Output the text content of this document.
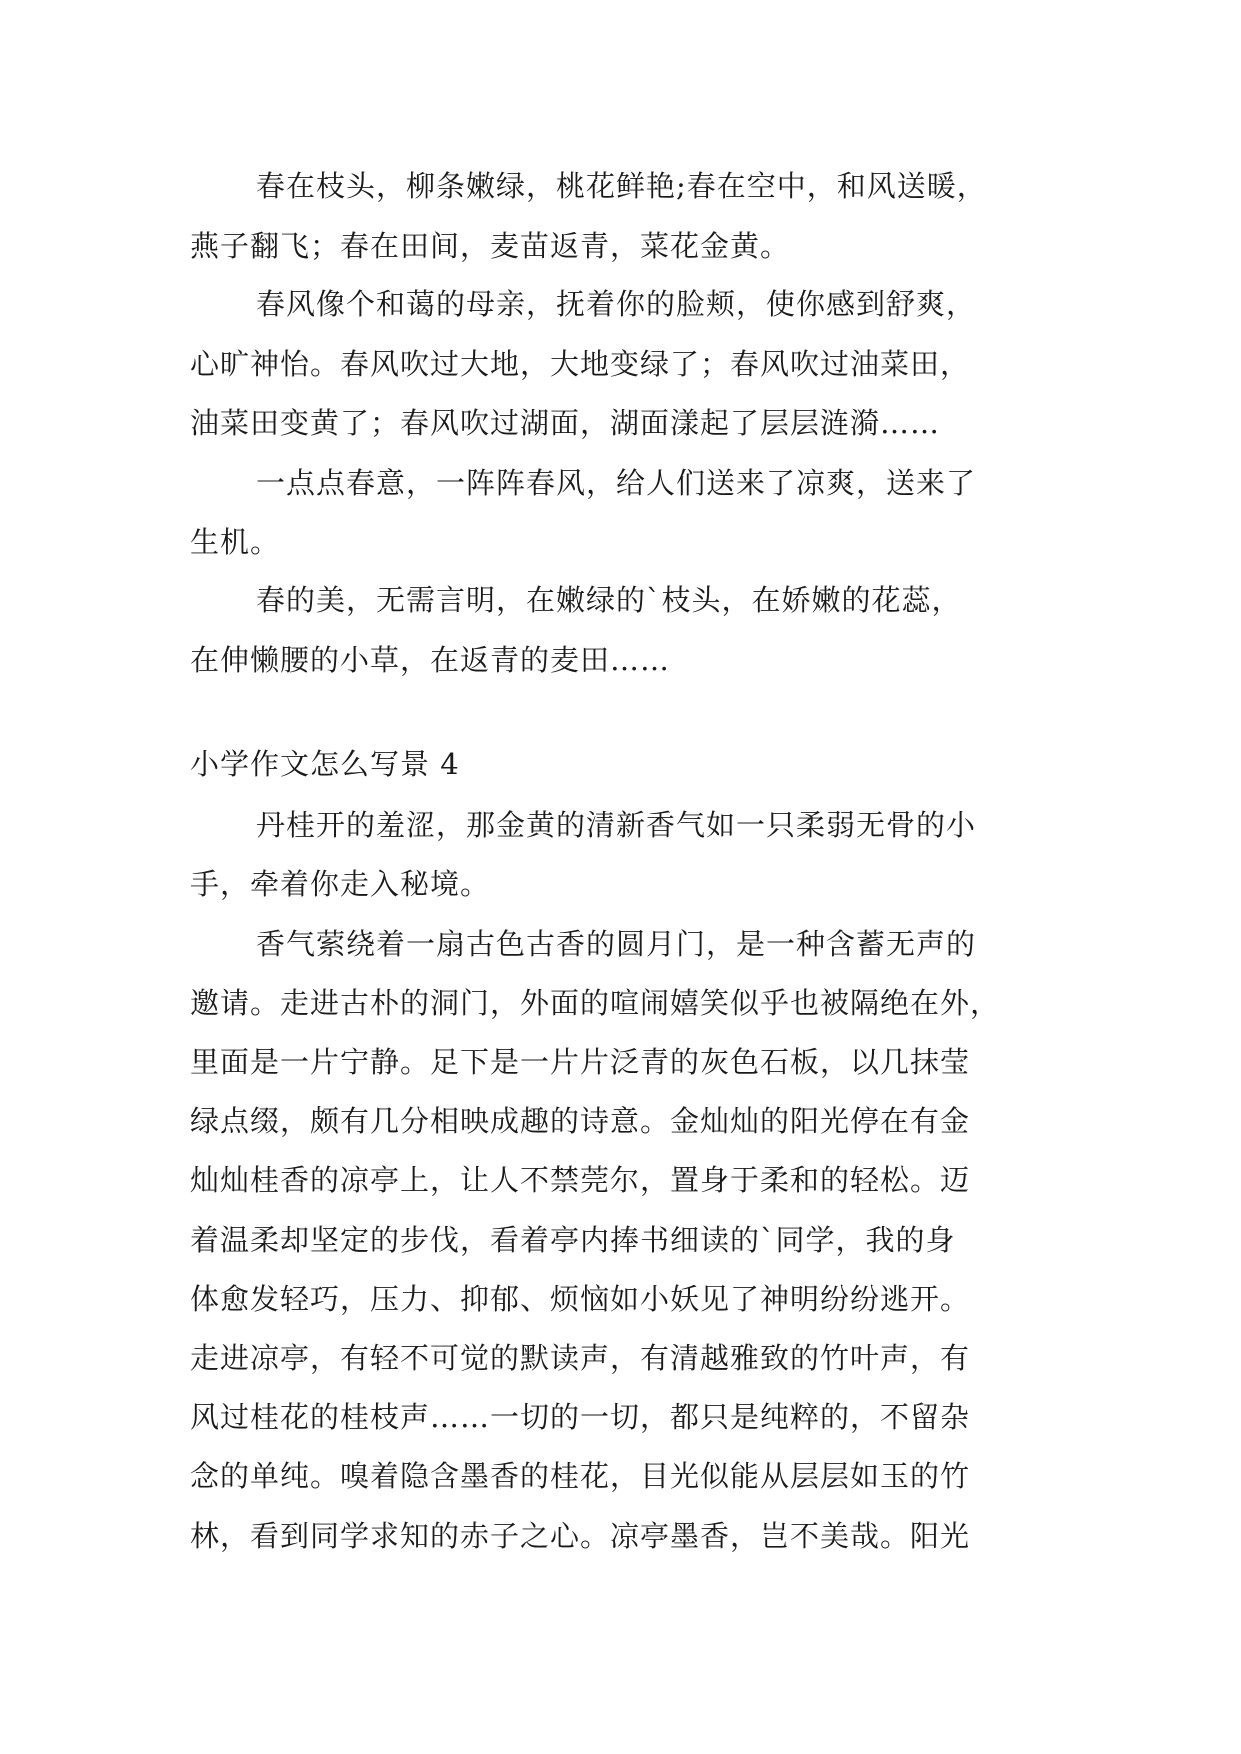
春在枝头，柳条嫩绿，桃花鲜艳;春在空中，和风送暖，
燕子翻飞；春在田间，麦苗返青，菜花金黄。
春风像个和蔼的母亲，抚着你的脸颊，使你感到舒爽，
心旷神怡。春风吹过大地，大地变绿了；春风吹过油菜田，
油菜田变黄了；春风吹过湖面，湖面漾起了层层涟漪……
一点点春意，一阵阵春风，给人们送来了凉爽，送来了
生机。
春的美，无需言明，在嫩绿的`枝头，在娇嫩的花蕊，
在伸懒腰的小草，在返青的麦田……
小学作文怎么写景 4
丹桂开的羞涩，那金黄的清新香气如一只柔弱无骨的小
手，牵着你走入秘境。
香气萦绕着一扇古色古香的圆月门，是一种含蓄无声的
邀请。走进古朴的洞门，外面的喧闹嬉笑似乎也被隔绝在外，
里面是一片宁静。足下是一片片泛青的灰色石板，以几抹莹
绿点缀，颇有几分相映成趣的诗意。金灿灿的阳光停在有金
灿灿桂香的凉亭上，让人不禁莞尔，置身于柔和的轻松。迈
着温柔却坚定的步伐，看着亭内捧书细读的`同学，我的身
体愈发轻巧，压力、抑郁、烦恼如小妖见了神明纷纷逃开。
走进凉亭，有轻不可觉的默读声，有清越雅致的竹叶声，有
风过桂花的桂枝声……一切的一切，都只是纯粹的，不留杂
念的单纯。嗅着隐含墨香的桂花，目光似能从层层如玉的竹
林，看到同学求知的赤子之心。凉亭墨香，岂不美哉。阳光
